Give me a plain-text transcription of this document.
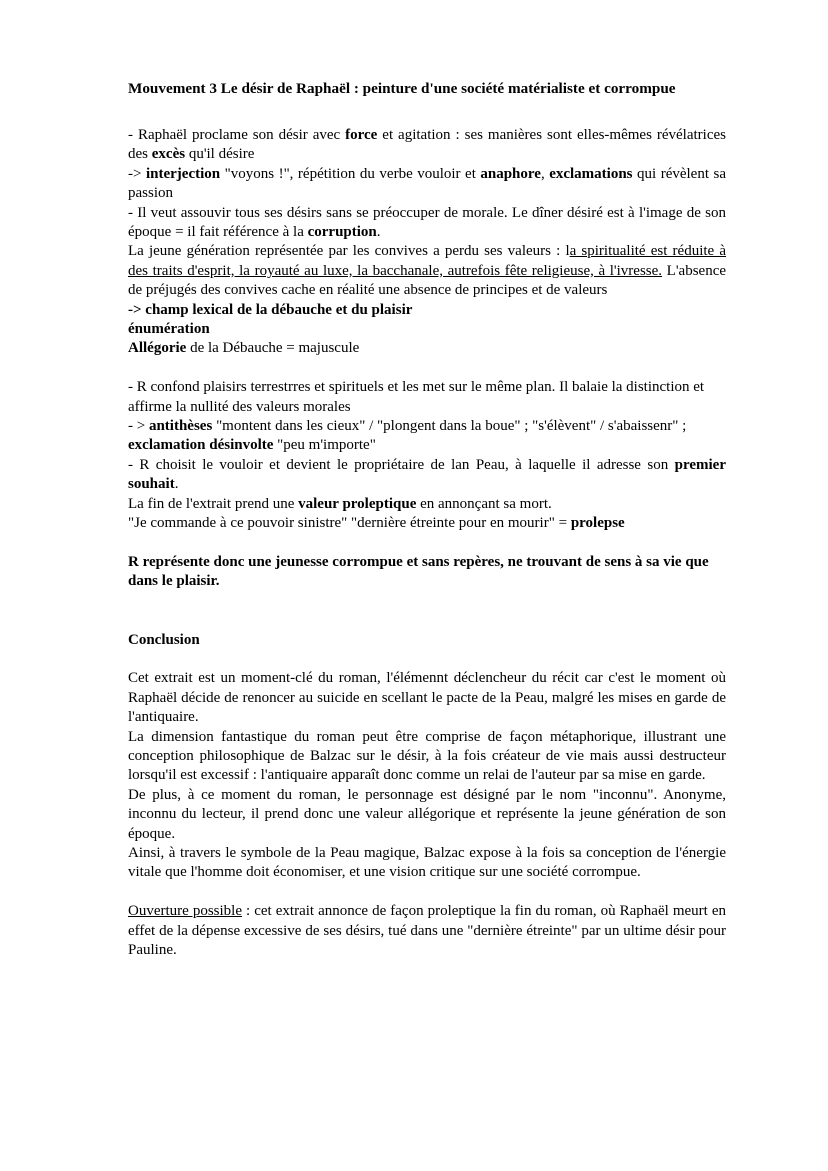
Mouvement 3 Le désir de Raphaël : peinture d'une société matérialiste et corrompue

- Raphaël proclame son désir avec force et agitation : ses manières sont elles-mêmes révélatrices des excès qu'il désire

-> interjection "voyons !", répétition du verbe vouloir et anaphore, exclamations qui révèlent sa passion

- Il veut assouvir tous ses désirs sans se préoccuper de morale. Le dîner désiré est à l'image de son époque = il fait référence à la corruption.

La jeune génération représentée par les convives a perdu ses valeurs : la spiritualité est réduite à des traits d'esprit, la royauté au luxe, la bacchanale, autrefois fête religieuse, à l'ivresse. L'absence de préjugés des convives cache en réalité une absence de principes et de valeurs

-> champ lexical de la débauche et du plaisir

énumération

Allégorie de la Débauche = majuscule

- R confond plaisirs terrestrres et spirituels et les met sur le même plan. Il balaie la distinction et affirme la nullité des valeurs morales

- > antithèses "montent dans les cieux" / "plongent dans la boue" ; "s'élèvent" / s'abaissenr" ; exclamation désinvolte "peu m'importe"

- R choisit le vouloir et devient le propriétaire de lan Peau, à laquelle il adresse son premier souhait.

La fin de l'extrait prend une valeur proleptique en annonçant sa mort.

"Je commande à ce pouvoir sinistre" "dernière étreinte pour en mourir" = prolepse

R représente donc une jeunesse corrompue et sans repères, ne trouvant de sens à sa vie que dans le plaisir.

Conclusion

Cet extrait est un moment-clé du roman, l'élémennt déclencheur du récit car c'est le moment où Raphaël décide de renoncer au suicide en scellant le pacte de la Peau, malgré les mises en garde de l'antiquaire.

La dimension fantastique du roman peut être comprise de façon métaphorique, illustrant une conception philosophique de Balzac sur le désir, à la fois créateur de vie mais aussi destructeur lorsqu'il est excessif : l'antiquaire apparaît donc comme un relai de l'auteur par sa mise en garde.

De plus, à ce moment du roman, le personnage est désigné par le nom "inconnu". Anonyme, inconnu du lecteur, il prend donc une valeur allégorique et représente la jeune génération de son époque.

Ainsi, à travers le symbole de la Peau magique, Balzac expose à la fois sa conception de l'énergie vitale que l'homme doit économiser, et une vision critique sur une société corrompue.

Ouverture possible : cet extrait annonce de façon proleptique la fin du roman, où Raphaël meurt en effet de la dépense excessive de ses désirs, tué dans une "dernière étreinte" par un ultime désir pour Pauline.
